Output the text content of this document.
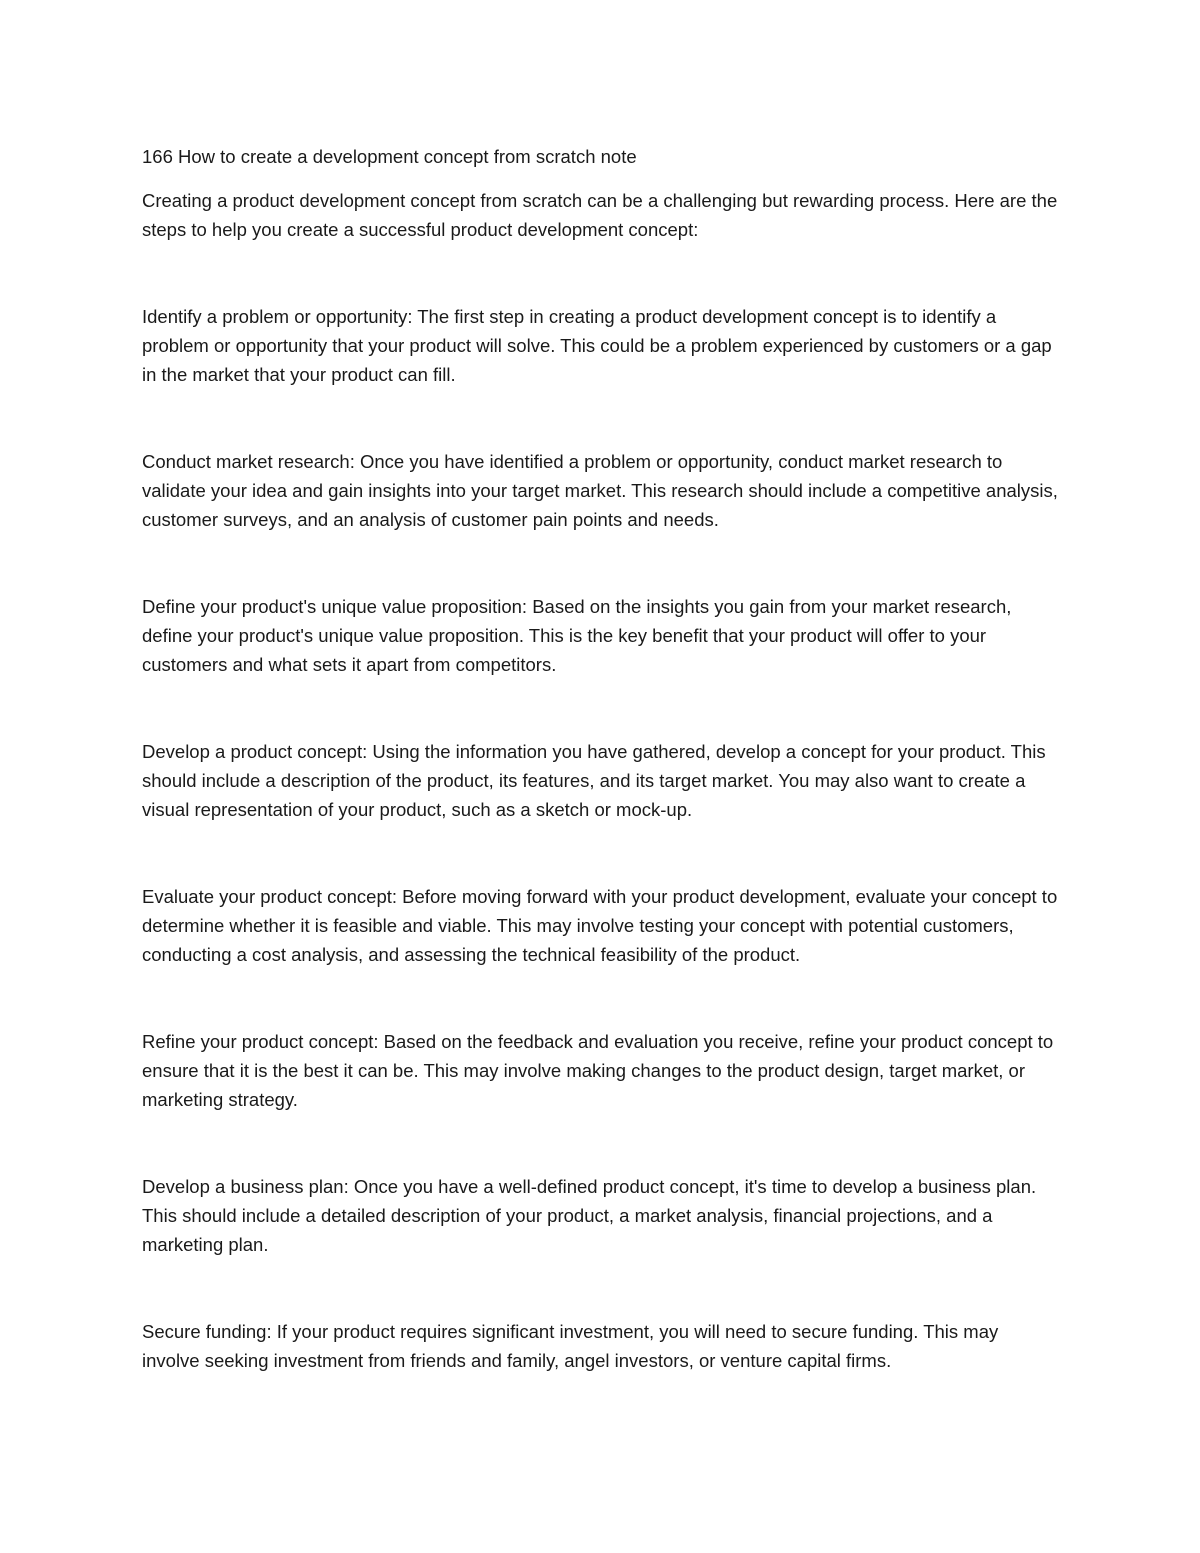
166 How to create a development concept from scratch note

Creating a product development concept from scratch can be a challenging but rewarding process. Here are the steps to help you create a successful product development concept:

Identify a problem or opportunity: The first step in creating a product development concept is to identify a problem or opportunity that your product will solve. This could be a problem experienced by customers or a gap in the market that your product can fill.

Conduct market research: Once you have identified a problem or opportunity, conduct market research to validate your idea and gain insights into your target market. This research should include a competitive analysis, customer surveys, and an analysis of customer pain points and needs.

Define your product's unique value proposition: Based on the insights you gain from your market research, define your product's unique value proposition. This is the key benefit that your product will offer to your customers and what sets it apart from competitors.

Develop a product concept: Using the information you have gathered, develop a concept for your product. This should include a description of the product, its features, and its target market. You may also want to create a visual representation of your product, such as a sketch or mock-up.

Evaluate your product concept: Before moving forward with your product development, evaluate your concept to determine whether it is feasible and viable. This may involve testing your concept with potential customers, conducting a cost analysis, and assessing the technical feasibility of the product.

Refine your product concept: Based on the feedback and evaluation you receive, refine your product concept to ensure that it is the best it can be. This may involve making changes to the product design, target market, or marketing strategy.

Develop a business plan: Once you have a well-defined product concept, it's time to develop a business plan. This should include a detailed description of your product, a market analysis, financial projections, and a marketing plan.

Secure funding: If your product requires significant investment, you will need to secure funding. This may involve seeking investment from friends and family, angel investors, or venture capital firms.
